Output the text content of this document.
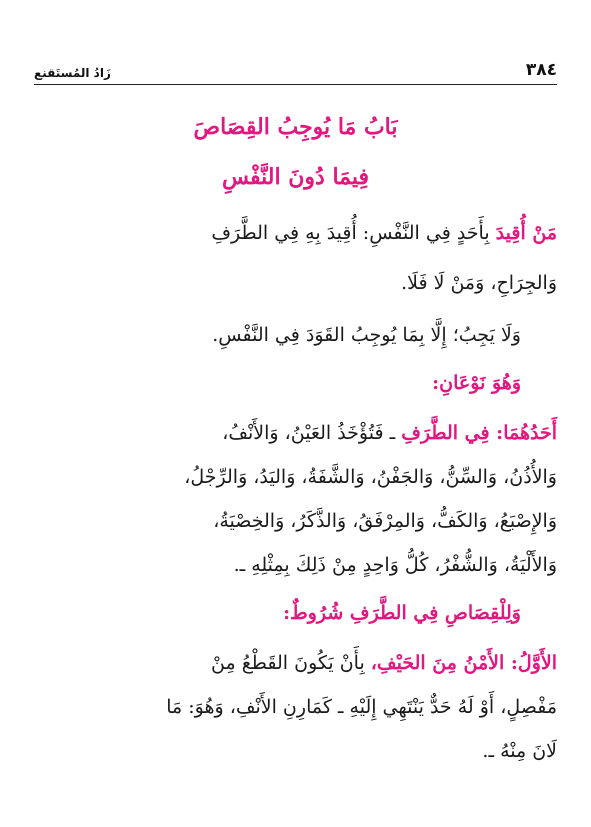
٣٨٤
زَادُ المُستَقنع
بَابُ مَا يُوجِبُ القِصَاصَ
فِيمَا دُونَ النَّفْسِ
مَنْ أُقِيدَ بِأَحَدٍ فِي النَّفْسِ: أُقِيدَ بِهِ فِي الطَّرَفِ
وَالجِرَاحِ، وَمَنْ لَا فَلَا.
وَلَا يَجِبُ؛ إِلَّا بِمَا يُوجِبُ القَوَدَ فِي النَّفْسِ.
وَهُوَ نَوْعَانِ:
أَحَدُهُمَا: فِي الطَّرَفِ ـ فَتُؤْخَذُ العَيْنُ، وَالأَنْفُ،
وَالأُذُنُ، وَالسِّنُّ، وَالجَفْنُ، وَالشَّفَةُ، وَاليَدُ، وَالرِّجْلُ،
وَالإِصْبَعُ، وَالكَفُّ، وَالمِرْفَقُ، وَالذَّكَرُ، وَالخِصْيَةُ،
وَالأَلْيَةُ، وَالشُّفْرُ، كُلُّ وَاحِدٍ مِنْ ذَلِكَ بِمِثْلِهِ ـ.
وَلِلْقِصَاصِ فِي الطَّرَفِ شُرُوطٌ:
الأَوَّلُ: الأَمْنُ مِنَ الحَيْفِ، بِأَنْ يَكُونَ القَطْعُ مِنْ
مَفْصِلٍ، أَوْ لَهُ حَدٌّ يَنْتَهِي إِلَيْهِ ـ كَمَارِنِ الأَنْفِ، وَهُوَ: مَا
لَانَ مِنْهُ ـ.
